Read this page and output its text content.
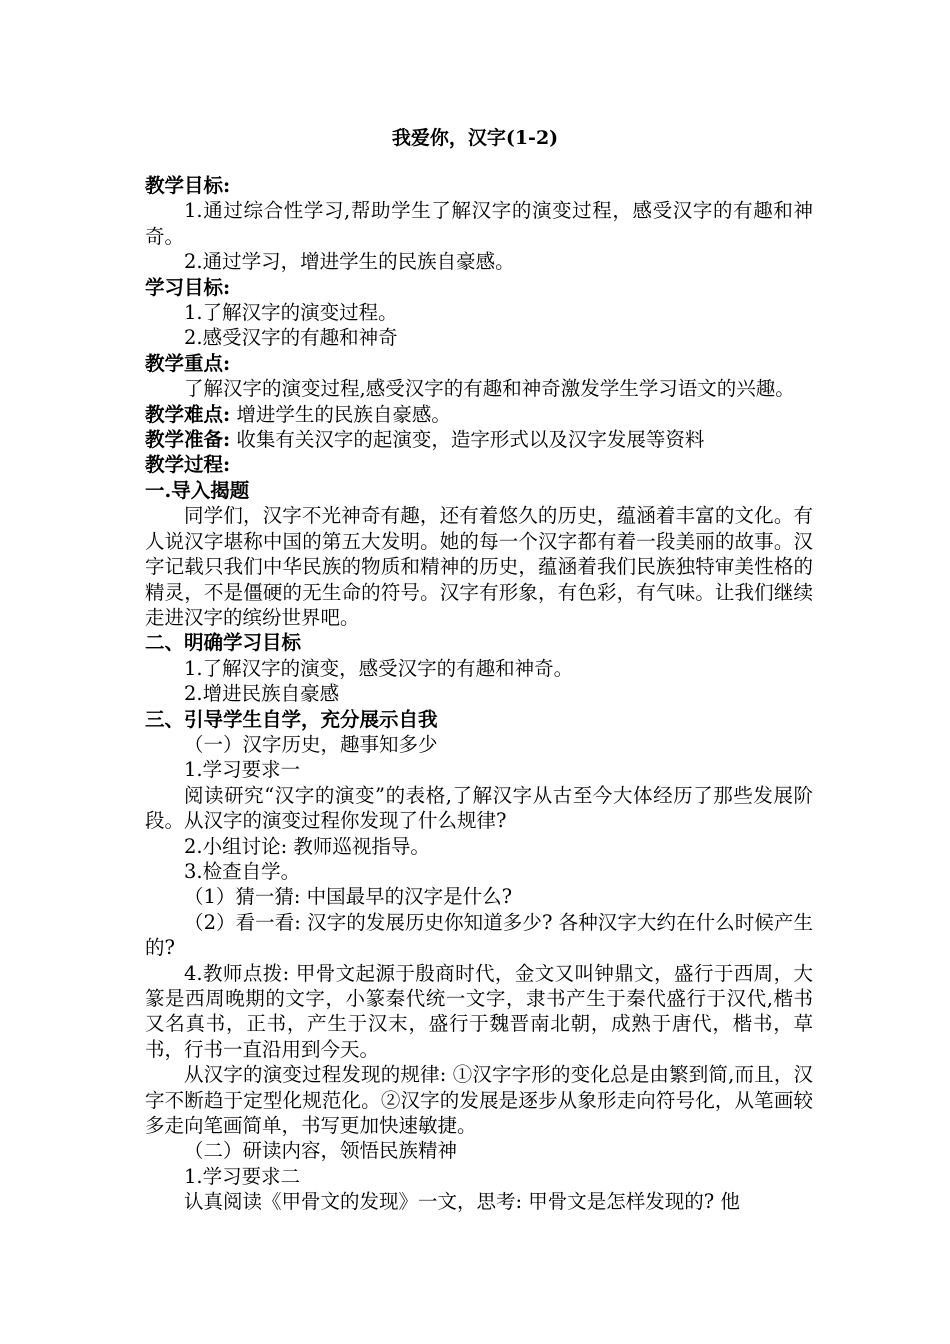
我爱你，汉字(1-2)

教学目标:

1.通过综合性学习,帮助学生了解汉字的演变过程，感受汉字的有趣和神奇。

2.通过学习，增进学生的民族自豪感。

学习目标:

1.了解汉字的演变过程。

2.感受汉字的有趣和神奇

教学重点:

了解汉字的演变过程,感受汉字的有趣和神奇激发学生学习语文的兴趣。

教学难点: 增进学生的民族自豪感。

教学准备: 收集有关汉字的起演变，造字形式以及汉字发展等资料

教学过程:

一.导入揭题

同学们，汉字不光神奇有趣，还有着悠久的历史，蕴涵着丰富的文化。有人说汉字堪称中国的第五大发明。她的每一个汉字都有着一段美丽的故事。汉字记载只我们中华民族的物质和精神的历史，蕴涵着我们民族独特审美性格的精灵，不是僵硬的无生命的符号。汉字有形象，有色彩，有气味。让我们继续走进汉字的缤纷世界吧。

二、明确学习目标

1.了解汉字的演变，感受汉字的有趣和神奇。

2.增进民族自豪感

三、引导学生自学，充分展示自我

（一）汉字历史，趣事知多少

1.学习要求一

阅读研究“汉字的演变”的表格,了解汉字从古至今大体经历了那些发展阶段。从汉字的演变过程你发现了什么规律?

2.小组讨论: 教师巡视指导。

3.检查自学。

（1）猜一猜: 中国最早的汉字是什么?

（2）看一看: 汉字的发展历史你知道多少? 各种汉字大约在什么时候产生的?

4.教师点拨: 甲骨文起源于殷商时代，金文又叫钟鼎文，盛行于西周，大篆是西周晚期的文字，小篆秦代统一文字，隶书产生于秦代盛行于汉代,楷书又名真书，正书，产生于汉末，盛行于魏晋南北朝，成熟于唐代，楷书，草书，行书一直沿用到今天。

从汉字的演变过程发现的规律: ①汉字字形的变化总是由繁到简,而且，汉字不断趋于定型化规范化。②汉字的发展是逐步从象形走向符号化，从笔画较多走向笔画简单，书写更加快速敏捷。

（二）研读内容，领悟民族精神

1.学习要求二

认真阅读《甲骨文的发现》一文，思考: 甲骨文是怎样发现的? 他
